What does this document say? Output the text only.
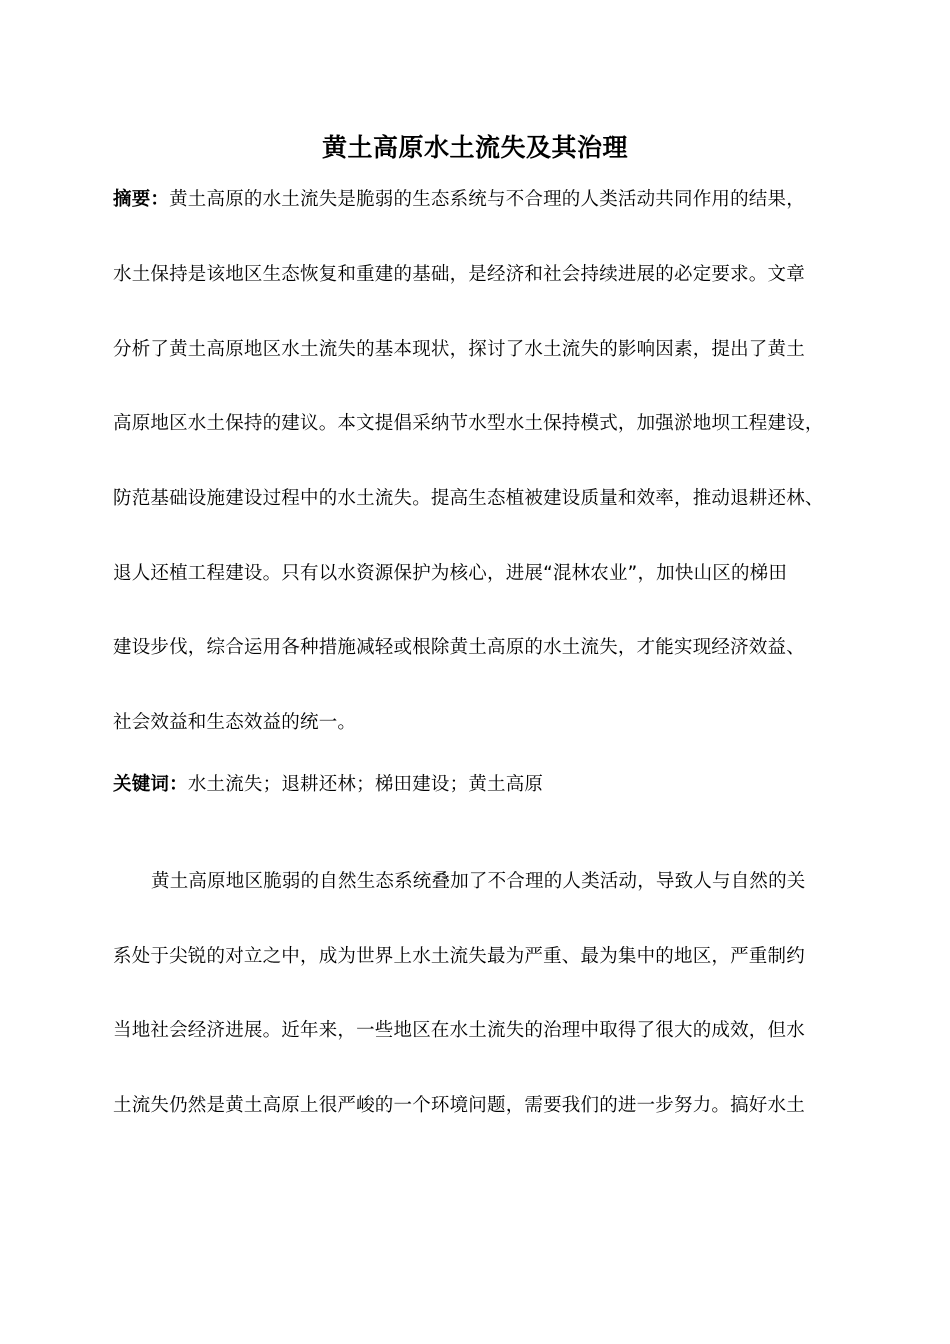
黄土高原水土流失及其治理
摘要：黄土高原的水土流失是脆弱的生态系统与不合理的人类活动共同作用的结果，
水土保持是该地区生态恢复和重建的基础，是经济和社会持续进展的必定要求。文章
分析了黄土高原地区水土流失的基本现状，探讨了水土流失的影响因素，提出了黄土
高原地区水土保持的建议。本文提倡采纳节水型水土保持模式，加强淤地坝工程建设，
防范基础设施建设过程中的水土流失。提高生态植被建设质量和效率，推动退耕还林、
退人还植工程建设。只有以水资源保护为核心，进展“混林农业”，加快山区的梯田
建设步伐，综合运用各种措施减轻或根除黄土高原的水土流失，才能实现经济效益、
社会效益和生态效益的统一。
关键词：水土流失；退耕还林；梯田建设；黄土高原
黄土高原地区脆弱的自然生态系统叠加了不合理的人类活动，导致人与自然的关
系处于尖锐的对立之中，成为世界上水土流失最为严重、最为集中的地区，严重制约
当地社会经济进展。近年来，一些地区在水土流失的治理中取得了很大的成效，但水
土流失仍然是黄土高原上很严峻的一个环境问题，需要我们的进一步努力。搞好水土
